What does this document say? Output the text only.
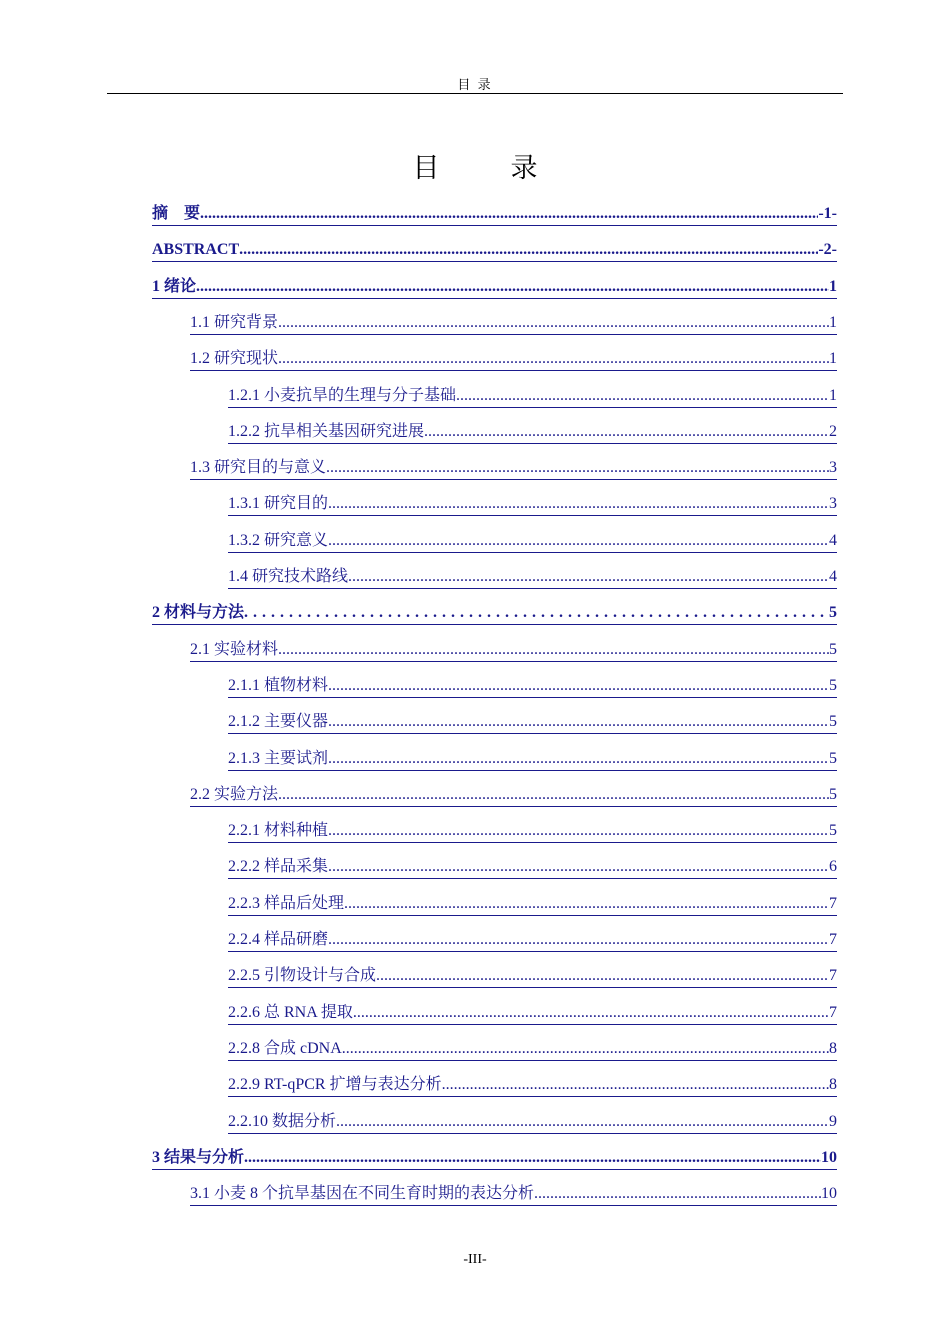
目 录
目　录
摘　要 .....	-1-
ABSTRACT .....	-2-
1 绪论 .....	1
1.1 研究背景 .....	1
1.2 研究现状 .....	1
1.2.1 小麦抗旱的生理与分子基础 .....	1
1.2.2 抗旱相关基因研究进展 .....	2
1.3 研究目的与意义 .....	3
1.3.1 研究目的 .....	3
1.3.2 研究意义 .....	4
1.4 研究技术路线 .....	4
2 材料与方法 . . .	5
2.1 实验材料 .....	5
2.1.1 植物材料 .....	5
2.1.2 主要仪器 .....	5
2.1.3 主要试剂 .....	5
2.2 实验方法 .....	5
2.2.1 材料种植 .....	5
2.2.2 样品采集 .....	6
2.2.3 样品后处理 .....	7
2.2.4 样品研磨 .....	7
2.2.5 引物设计与合成 .....	7
2.2.6 总 RNA 提取 .....	7
2.2.8 合成 cDNA .....	8
2.2.9 RT-qPCR 扩增与表达分析 .....	8
2.2.10 数据分析 .....	9
3 结果与分析 .....	10
3.1 小麦 8 个抗旱基因在不同生育时期的表达分析 .....	10
-III-
